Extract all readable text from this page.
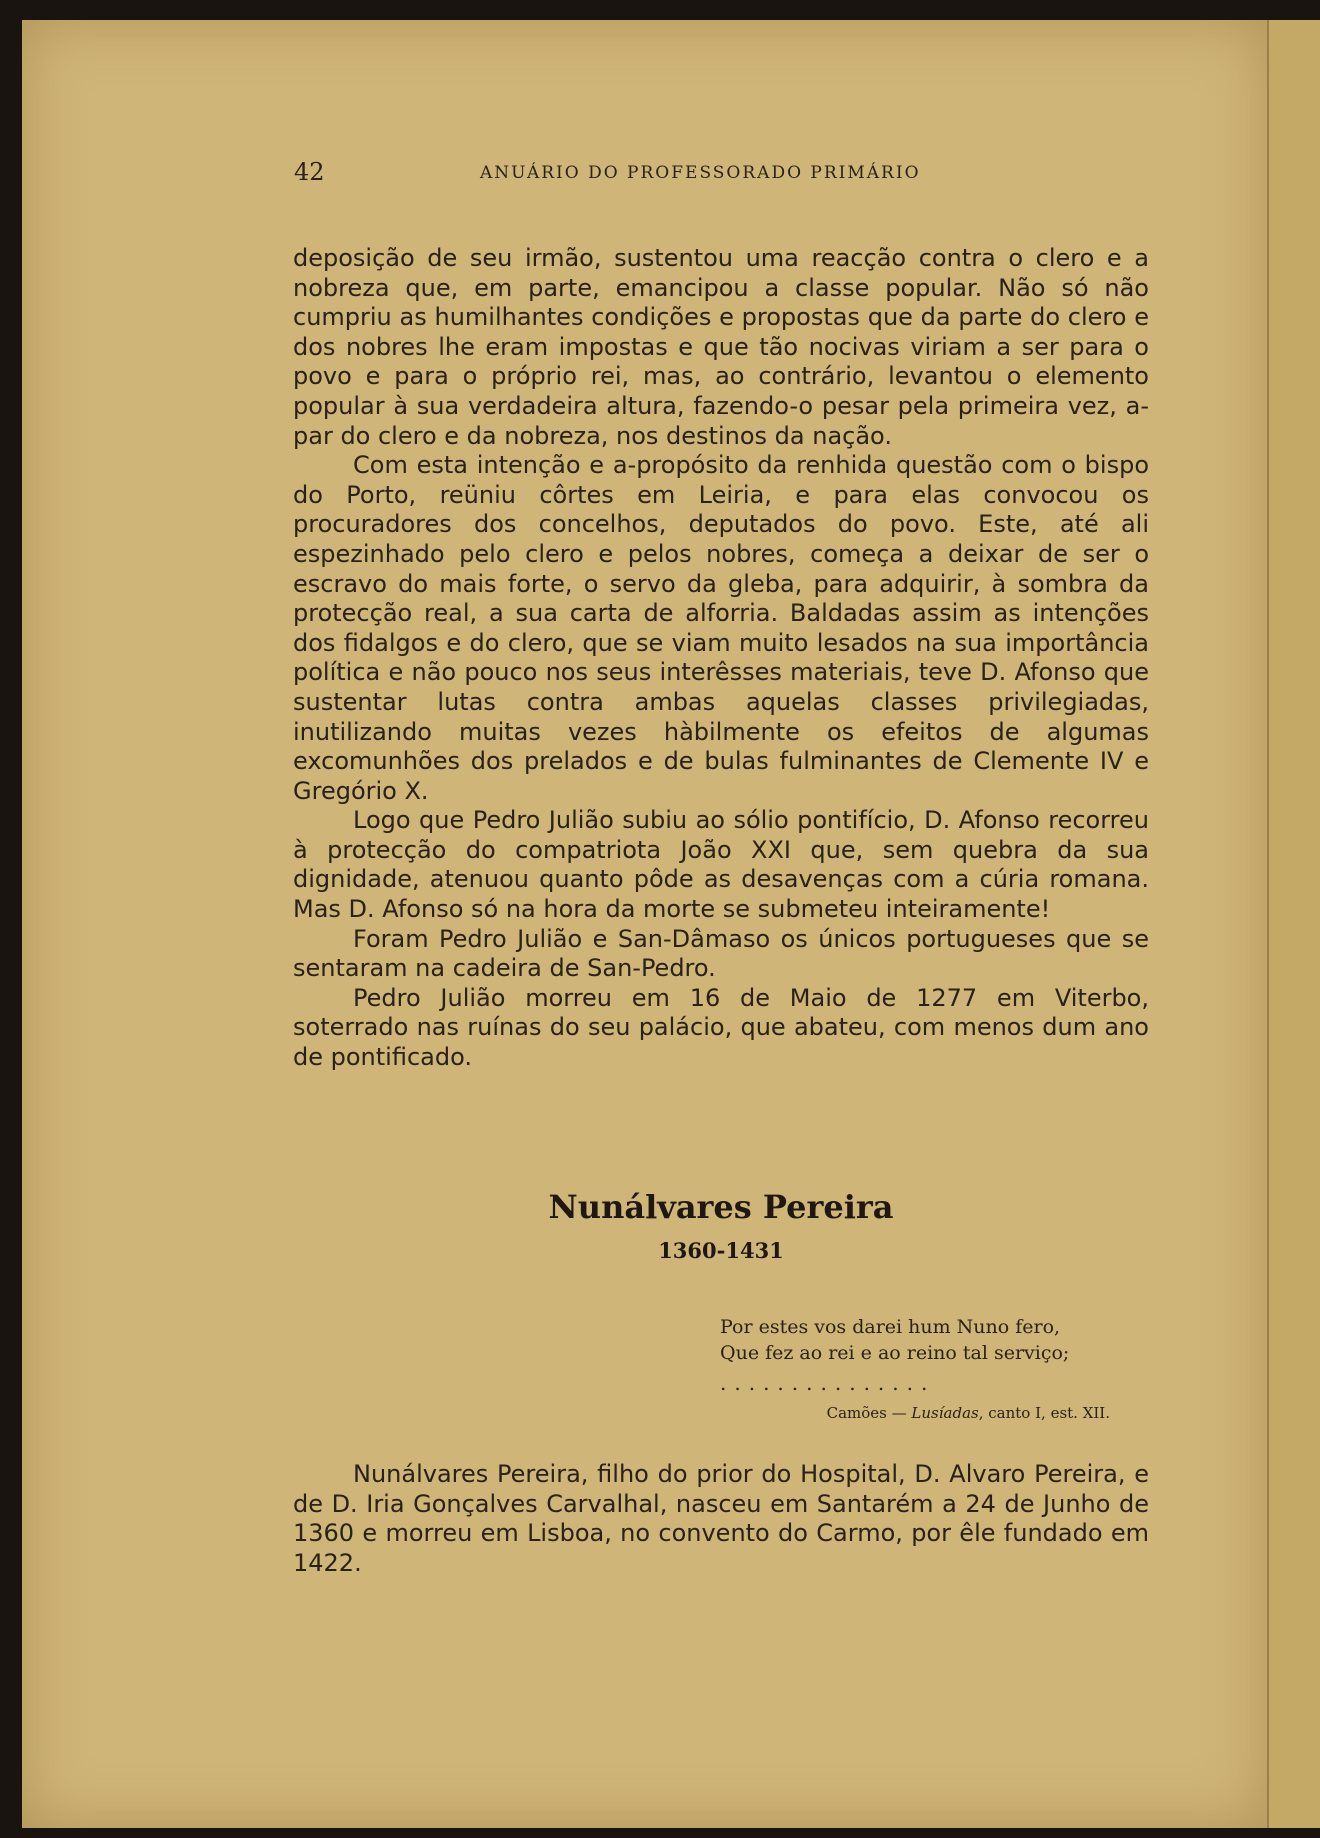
42	ANUÁRIO DO PROFESSORADO PRIMÁRIO

deposição de seu irmão, sustentou uma reacção contra o clero e a nobreza que, em parte, emancipou a classe popular. Não só não cumpriu as humilhantes condições e propostas que da parte do clero e dos nobres lhe eram impostas e que tão nocivas viriam a ser para o povo e para o próprio rei, mas, ao contrário, levantou o elemento popular à sua verdadeira altura, fazendo-o pesar pela primeira vez, a-par do clero e da nobreza, nos destinos da nação.

Com esta intenção e a-propósito da renhida questão com o bispo do Porto, reüniu côrtes em Leiria, e para elas convocou os procuradores dos concelhos, deputados do povo. Este, até ali espezinhado pelo clero e pelos nobres, começa a deixar de ser o escravo do mais forte, o servo da gleba, para adquirir, à sombra da protecção real, a sua carta de alforria. Baldadas assim as intenções dos fidalgos e do clero, que se viam muito lesados na sua importância política e não pouco nos seus interêsses materiais, teve D. Afonso que sustentar lutas contra ambas aquelas classes privilegiadas, inutilizando muitas vezes hàbilmente os efeitos de algumas excomunhões dos prelados e de bulas fulminantes de Clemente IV e Gregório X.

Logo que Pedro Julião subiu ao sólio pontifício, D. Afonso recorreu à protecção do compatriota João XXI que, sem quebra da sua dignidade, atenuou quanto pôde as desavenças com a cúria romana. Mas D. Afonso só na hora da morte se submeteu inteiramente!

Foram Pedro Julião e San-Dâmaso os únicos portugueses que se sentaram na cadeira de San-Pedro.

Pedro Julião morreu em 16 de Maio de 1277 em Viterbo, soterrado nas ruínas do seu palácio, que abateu, com menos dum ano de pontificado.

Nunálvares Pereira
1360-1431
Por estes vos darei hum Nuno fero,
Que fez ao rei e ao reino tal serviço;
...............
Camões — Lusíadas, canto I, est. XII.

Nunálvares Pereira, filho do prior do Hospital, D. Alvaro Pereira, e de D. Iria Gonçalves Carvalhal, nasceu em Santarém a 24 de Junho de 1360 e morreu em Lisboa, no convento do Carmo, por êle fundado em 1422.
